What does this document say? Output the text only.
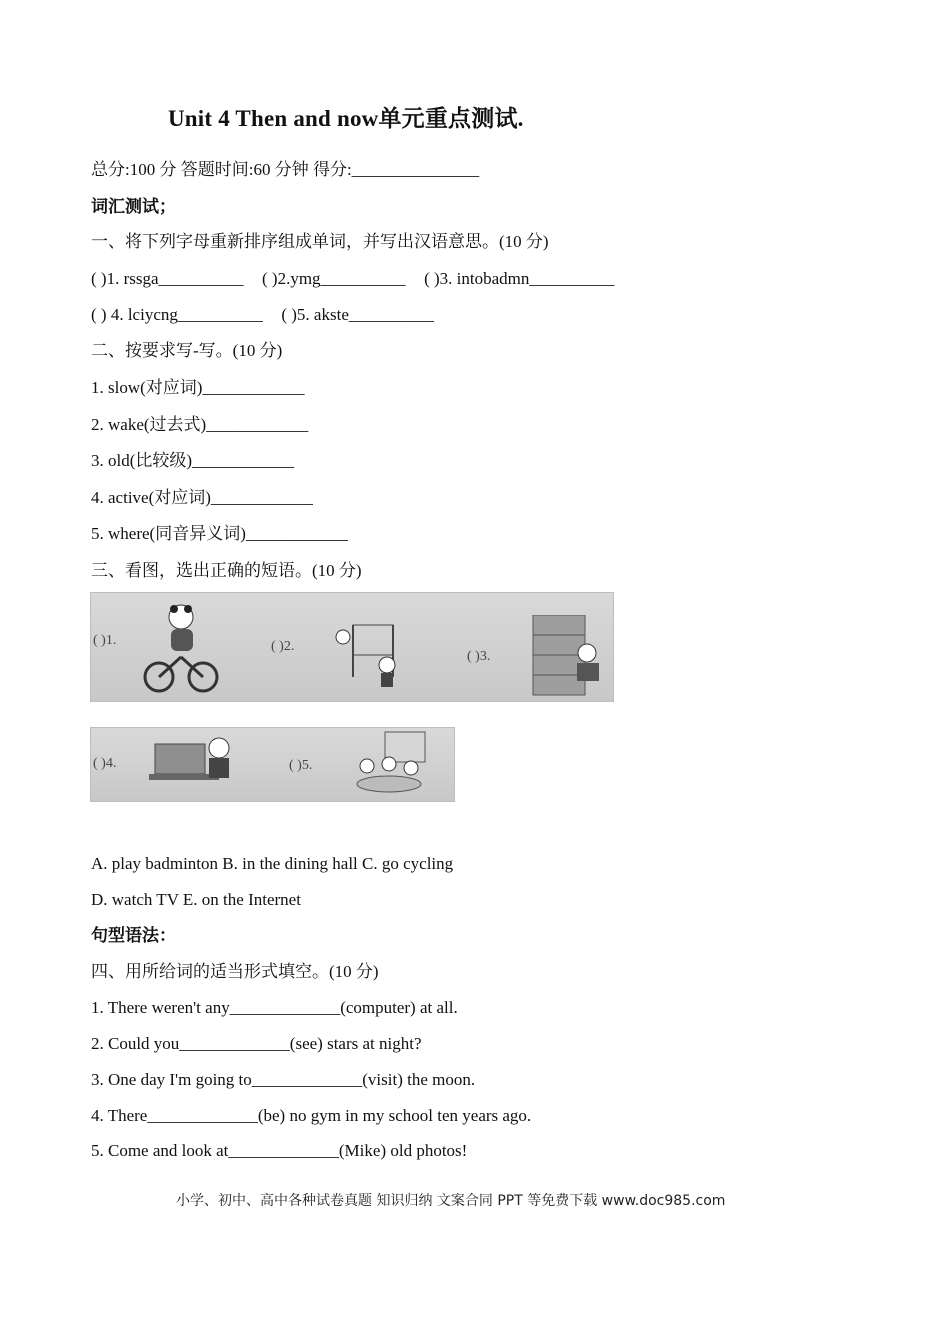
Unit 4 Then and now单元重点测试.
总分:100 分 答题时间:60 分钟 得分:_______________
词汇测试；
一、将下列字母重新排序组成单词，并写出汉语意思。(10 分)
( )1. rssga__________ ( )2.ymg__________ ( )3. intobadmn__________
( ) 4. lciycng__________ ( )5. akste__________
二、按要求写-写。(10 分)
1. slow(对应词)____________
2. wake(过去式)____________
3. old(比较级)____________
4. active(对应词)____________
5. where(同音异义词)____________
三、看图，选出正确的短语。(10 分)
( )1.	( )2.
( )3.
( )4.	( )5.
A. play badminton B. in the dining hall C. go cycling
D. watch TV E. on the Internet
句型语法：
四、用所给词的适当形式填空。(10 分)
1. There weren't any_____________(computer) at all.
2. Could you_____________(see) stars at night?
3. One day I'm going to_____________(visit) the moon.
4. There_____________(be) no gym in my school ten years ago.
5. Come and look at_____________(Mike) old photos!
小学、初中、高中各种试卷真题 知识归纳 文案合同 PPT 等免费下载 www.doc985.com
